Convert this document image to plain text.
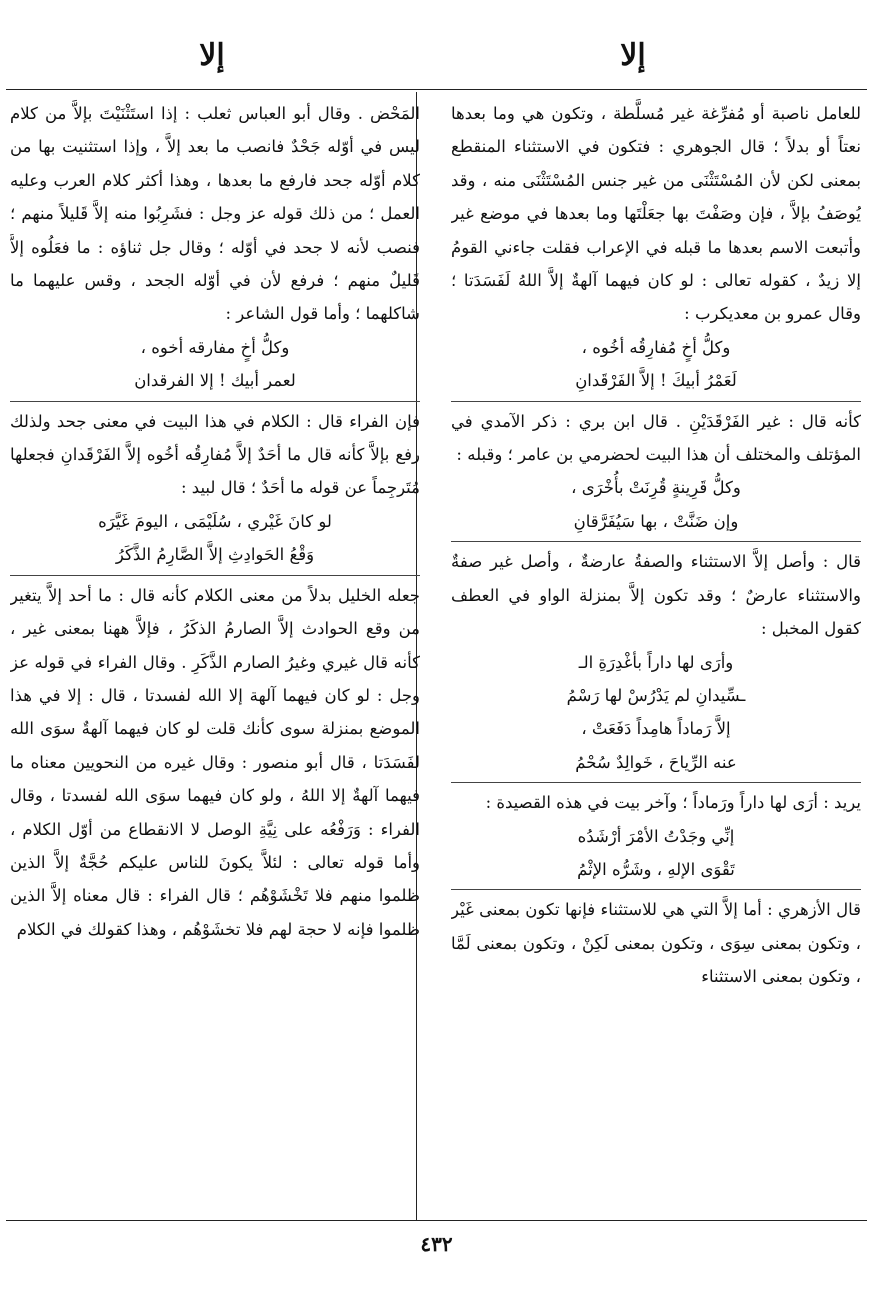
إلا
إلا

للعامل ناصبة أو مُفرِّغة غير مُسلَّطة ، وتكون هي وما بعدها نعتاً أو بدلاً ؛ قال الجوهري : فتكون في الاستثناء المنقطع بمعنى لكن لأن المُسْتَثْنَى من غير جنس المُسْتَثْنَى منه ، وقد يُوصَفُ بإلاَّ ، فإن وصَفْتَ بها جعَلْتَها وما بعدها في موضع غير وأتبعت الاسم بعدها ما قبله في الإعراب فقلت جاءني القومُ إلا زيدٌ ، كقوله تعالى : لو كان فيهما آلهةٌ إلاَّ اللهُ لَفَسَدَتا ؛ وقال عمرو بن معديكرب :

وكلُّ أخٍ مُفارِقُه أخُوه ،

لَعَمْرُ أبيكَ ! إلاَّ الفَرْقَدانِ

كأنه قال : غير الفَرْقَدَيْنِ . قال ابن بري : ذكر الآمدي في المؤتلف والمختلف أن هذا البيت لحضرمي بن عامر ؛ وقبله :

وكلُّ قَرِينةٍ قُرِنَتْ بأُخْرَى ،

وإن ضَنَّتْ ، بها سَيُفَرَّقانِ

قال : وأصل إلاَّ الاستثناء والصفةُ عارضةٌ ، وأصل غير صفةٌ والاستثناء عارضٌ ؛ وقد تكون إلاَّ بمنزلة الواو في العطف كقول المخبل :

وأرَى لها داراً بأغْدِرَةِ الـ

ـسِّيدانِ لم يَدْرُسْ لها رَسْمُ

إلاَّ رَماداً هامِداً دَفَعَتْ ،

عنه الرِّياحَ ، خَوالِدٌ سُحْمُ

يريد : أرَى لها داراً ورَماداً ؛ وآخر بيت في هذه القصيدة :

إنِّي وجَدْتُ الأمْرَ أرْشَدُه

تَقْوَى الإلهِ ، وشَرُّه الإثْمُ

قال الأزهري : أما إلاَّ التي هي للاستثناء فإنها تكون بمعنى غَيْر ، وتكون بمعنى سِوَى ، وتكون بمعنى لَكِنْ ، وتكون بمعنى لَمَّا ، وتكون بمعنى الاستثناء

المَحْض . وقال أبو العباس ثعلب : إذا استَثْنَيْتَ بإلاَّ من كلام ليس في أوّله جَحْدٌ فانصب ما بعد إلاَّ ، وإذا استثنيت بها من كلام أوّله جحد فارفع ما بعدها ، وهذا أكثر كلام العرب وعليه العمل ؛ من ذلك قوله عز وجل : فشَرِبُوا منه إلاَّ قَليلاً منهم ؛ فنصب لأنه لا جحد في أوّله ؛ وقال جل ثناؤه : ما فعَلُوه إلاَّ قَليلٌ منهم ؛ فرفع لأن في أوّله الجحد ، وقس عليهما ما شاكلهما ؛ وأما قول الشاعر :

وكلُّ أخٍ مفارقه أخوه ،

لعمر أبيك ! إلا الفرقدان

فإن الفراء قال : الكلام في هذا البيت في معنى جحد ولذلك رفع بإلاَّ كأنه قال ما أحَدٌ إلاَّ مُفارِقُه أخُوه إلاَّ الفَرْقَدانِ فجعلها مُتَرجِماً عن قوله ما أحَدٌ ؛ قال لبيد :

لو كانَ غَيْري ، سُلَيْمَى ، اليومَ غَيَّرَه

وَقْعُ الحَوادِثِ إلاَّ الصَّارِمُ الذَّكَرُ

جعله الخليل بدلاً من معنى الكلام كأنه قال : ما أحد إلاَّ يتغير من وقع الحوادث إلاَّ الصارمُ الذكَرُ ، فإلاَّ ههنا بمعنى غير ، كأنه قال غيري وغيرُ الصارم الذَّكَرِ . وقال الفراء في قوله عز وجل : لو كان فيهما آلهة إلا الله لفسدتا ، قال : إلا في هذا الموضع بمنزلة سوى كأنك قلت لو كان فيهما آلهةٌ سوَى الله لفَسَدَتا ، قال أبو منصور : وقال غيره من النحويين معناه ما فيهما آلهةٌ إلا اللهُ ، ولو كان فيهما سوَى الله لفسدتا ، وقال الفراء : وَرَفْعُه على نِيَّةِ الوصل لا الانقطاع من أوّل الكلام ، وأما قوله تعالى : لئلاَّ يكونَ للناس عليكم حُجَّةٌ إلاَّ الذين ظلموا منهم فلا تَخْشَوْهُم ؛ قال الفراء : قال معناه إلاَّ الذين ظلموا فإنه لا حجة لهم فلا تخشَوْهُم ، وهذا كقولك في الكلام

٤٣٢
